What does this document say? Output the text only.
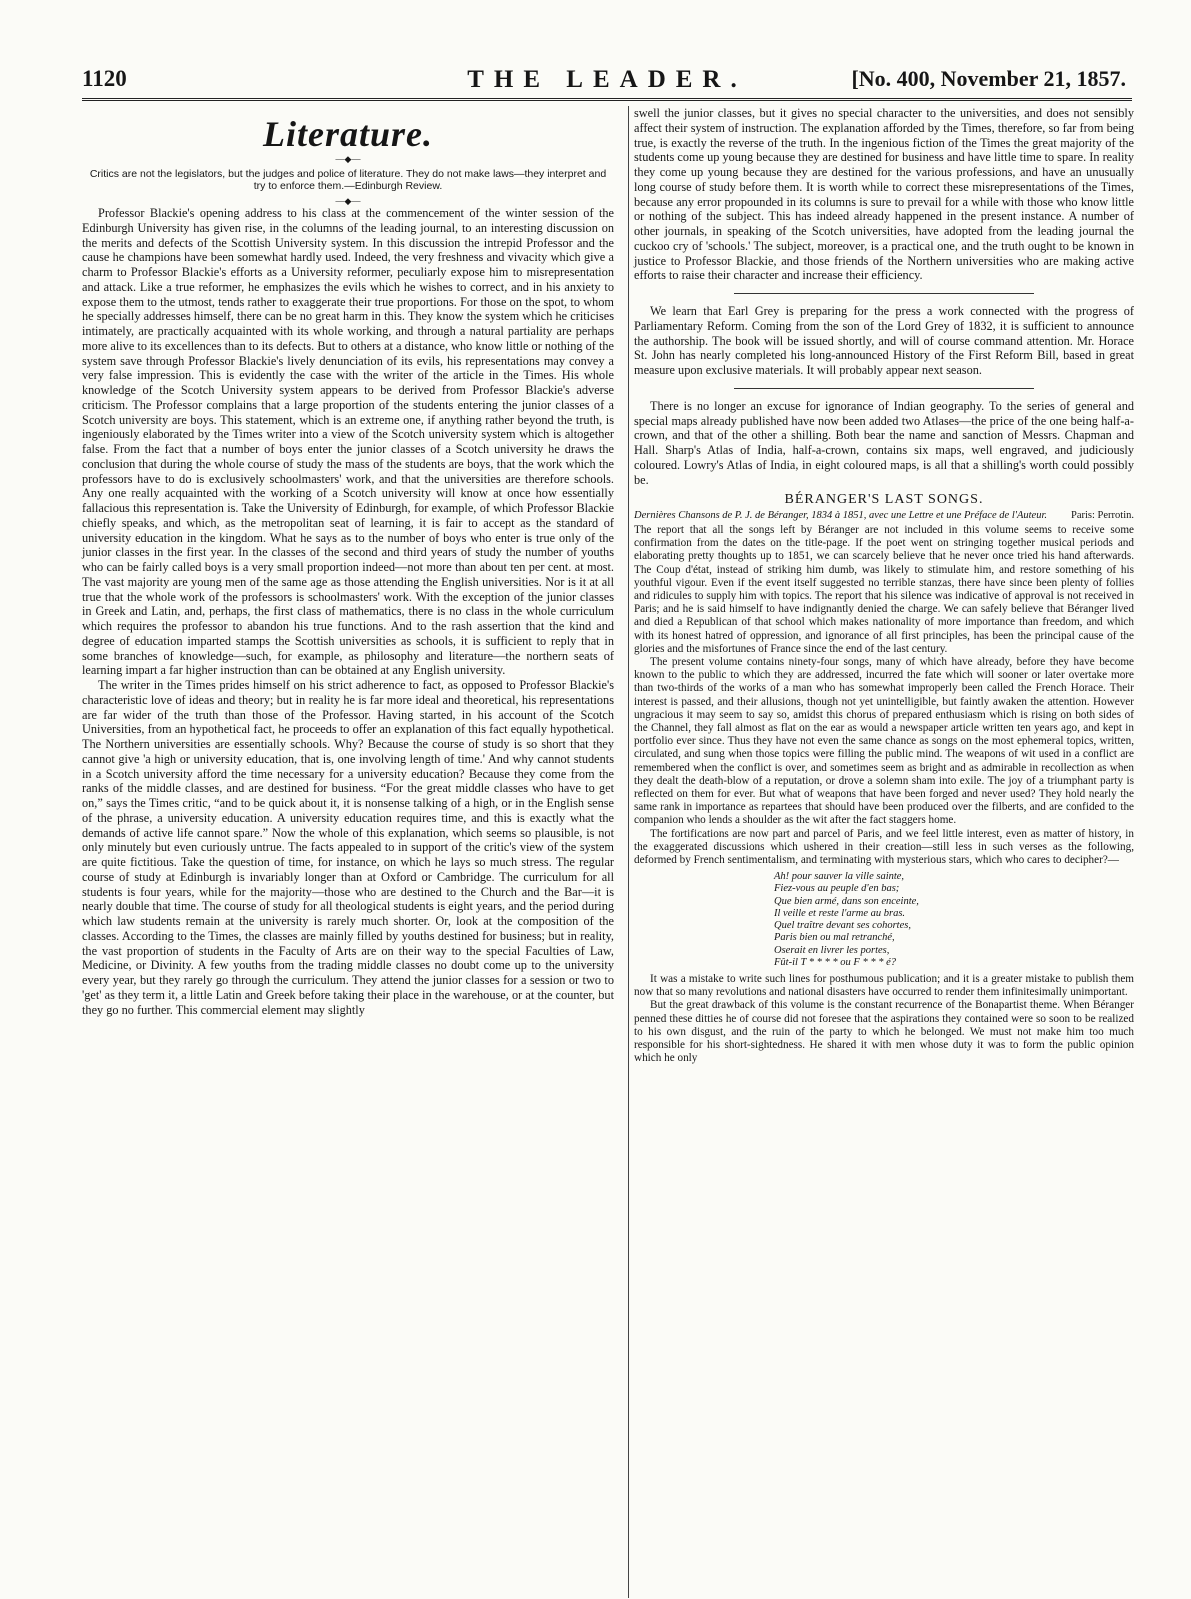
1120	THE LEADER.	[No. 400, November 21, 1857.
Literature.
—◆—
Critics are not the legislators, but the judges and police of literature. They do not make laws—they interpret and try to enforce them.—Edinburgh Review.
—◆—

Professor Blackie's opening address to his class at the commencement of the winter session of the Edinburgh University has given rise, in the columns of the leading journal, to an interesting discussion on the merits and defects of the Scottish University system. In this discussion the intrepid Professor and the cause he champions have been somewhat hardly used. Indeed, the very freshness and vivacity which give a charm to Professor Blackie's efforts as a University reformer, peculiarly expose him to misrepresentation and attack. Like a true reformer, he emphasizes the evils which he wishes to correct, and in his anxiety to expose them to the utmost, tends rather to exaggerate their true proportions. For those on the spot, to whom he specially addresses himself, there can be no great harm in this. They know the system which he criticises intimately, are practically acquainted with its whole working, and through a natural partiality are perhaps more alive to its excellences than to its defects. But to others at a distance, who know little or nothing of the system save through Professor Blackie's lively denunciation of its evils, his representations may convey a very false impression. This is evidently the case with the writer of the article in the Times. His whole knowledge of the Scotch University system appears to be derived from Professor Blackie's adverse criticism. The Professor complains that a large proportion of the students entering the junior classes of a Scotch university are boys. This statement, which is an extreme one, if anything rather beyond the truth, is ingeniously elaborated by the Times writer into a view of the Scotch university system which is altogether false. From the fact that a number of boys enter the junior classes of a Scotch university he draws the conclusion that during the whole course of study the mass of the students are boys, that the work which the professors have to do is exclusively schoolmasters' work, and that the universities are therefore schools. Any one really acquainted with the working of a Scotch university will know at once how essentially fallacious this representation is. Take the University of Edinburgh, for example, of which Professor Blackie chiefly speaks, and which, as the metropolitan seat of learning, it is fair to accept as the standard of university education in the kingdom. What he says as to the number of boys who enter is true only of the junior classes in the first year. In the classes of the second and third years of study the number of youths who can be fairly called boys is a very small proportion indeed—not more than about ten per cent. at most. The vast majority are young men of the same age as those attending the English universities. Nor is it at all true that the whole work of the professors is schoolmasters' work. With the exception of the junior classes in Greek and Latin, and, perhaps, the first class of mathematics, there is no class in the whole curriculum which requires the professor to abandon his true functions. And to the rash assertion that the kind and degree of education imparted stamps the Scottish universities as schools, it is sufficient to reply that in some branches of knowledge—such, for example, as philosophy and literature—the northern seats of learning impart a far higher instruction than can be obtained at any English university.

The writer in the Times prides himself on his strict adherence to fact, as opposed to Professor Blackie's characteristic love of ideas and theory; but in reality he is far more ideal and theoretical, his representations are far wider of the truth than those of the Professor. Having started, in his account of the Scotch Universities, from an hypothetical fact, he proceeds to offer an explanation of this fact equally hypothetical. The Northern universities are essentially schools. Why? Because the course of study is so short that they cannot give 'a high or university education, that is, one involving length of time.' And why cannot students in a Scotch university afford the time necessary for a university education? Because they come from the ranks of the middle classes, and are destined for business. “For the great middle classes who have to get on,” says the Times critic, “and to be quick about it, it is nonsense talking of a high, or in the English sense of the phrase, a university education. A university education requires time, and this is exactly what the demands of active life cannot spare.” Now the whole of this explanation, which seems so plausible, is not only minutely but even curiously untrue. The facts appealed to in support of the critic's view of the system are quite fictitious. Take the question of time, for instance, on which he lays so much stress. The regular course of study at Edinburgh is invariably longer than at Oxford or Cambridge. The curriculum for all students is four years, while for the majority—those who are destined to the Church and the Bar—it is nearly double that time. The course of study for all theological students is eight years, and the period during which law students remain at the university is rarely much shorter. Or, look at the composition of the classes. According to the Times, the classes are mainly filled by youths destined for business; but in reality, the vast proportion of students in the Faculty of Arts are on their way to the special Faculties of Law, Medicine, or Divinity. A few youths from the trading middle classes no doubt come up to the university every year, but they rarely go through the curriculum. They attend the junior classes for a session or two to 'get' as they term it, a little Latin and Greek before taking their place in the warehouse, or at the counter, but they go no further. This commercial element may slightly

swell the junior classes, but it gives no special character to the universities, and does not sensibly affect their system of instruction. The explanation afforded by the Times, therefore, so far from being true, is exactly the reverse of the truth. In the ingenious fiction of the Times the great majority of the students come up young because they are destined for business and have little time to spare. In reality they come up young because they are destined for the various professions, and have an unusually long course of study before them. It is worth while to correct these misrepresentations of the Times, because any error propounded in its columns is sure to prevail for a while with those who know little or nothing of the subject. This has indeed already happened in the present instance. A number of other journals, in speaking of the Scotch universities, have adopted from the leading journal the cuckoo cry of 'schools.' The subject, moreover, is a practical one, and the truth ought to be known in justice to Professor Blackie, and those friends of the Northern universities who are making active efforts to raise their character and increase their efficiency.

We learn that Earl Grey is preparing for the press a work connected with the progress of Parliamentary Reform. Coming from the son of the Lord Grey of 1832, it is sufficient to announce the authorship. The book will be issued shortly, and will of course command attention. Mr. Horace St. John has nearly completed his long-announced History of the First Reform Bill, based in great measure upon exclusive materials. It will probably appear next season.

There is no longer an excuse for ignorance of Indian geography. To the series of general and special maps already published have now been added two Atlases—the price of the one being half-a-crown, and that of the other a shilling. Both bear the name and sanction of Messrs. Chapman and Hall. Sharp's Atlas of India, half-a-crown, contains six maps, well engraved, and judiciously coloured. Lowry's Atlas of India, in eight coloured maps, is all that a shilling's worth could possibly be.

BÉRANGER'S LAST SONGS.
Paris: Perrotin.
Dernières Chansons de P. J. de Béranger, 1834 à 1851, avec une Lettre et une Préface de l'Auteur.

The report that all the songs left by Béranger are not included in this volume seems to receive some confirmation from the dates on the title-page. If the poet went on stringing together musical periods and elaborating pretty thoughts up to 1851, we can scarcely believe that he never once tried his hand afterwards. The Coup d'état, instead of striking him dumb, was likely to stimulate him, and restore something of his youthful vigour. Even if the event itself suggested no terrible stanzas, there have since been plenty of follies and ridicules to supply him with topics. The report that his silence was indicative of approval is not received in Paris; and he is said himself to have indignantly denied the charge. We can safely believe that Béranger lived and died a Republican of that school which makes nationality of more importance than freedom, and which with its honest hatred of oppression, and ignorance of all first principles, has been the principal cause of the glories and the misfortunes of France since the end of the last century.

The present volume contains ninety-four songs, many of which have already, before they have become known to the public to which they are addressed, incurred the fate which will sooner or later overtake more than two-thirds of the works of a man who has somewhat improperly been called the French Horace. Their interest is passed, and their allusions, though not yet unintelligible, but faintly awaken the attention. However ungracious it may seem to say so, amidst this chorus of prepared enthusiasm which is rising on both sides of the Channel, they fall almost as flat on the ear as would a newspaper article written ten years ago, and kept in portfolio ever since. Thus they have not even the same chance as songs on the most ephemeral topics, written, circulated, and sung when those topics were filling the public mind. The weapons of wit used in a conflict are remembered when the conflict is over, and sometimes seem as bright and as admirable in recollection as when they dealt the death-blow of a reputation, or drove a solemn sham into exile. The joy of a triumphant party is reflected on them for ever. But what of weapons that have been forged and never used? They hold nearly the same rank in importance as repartees that should have been produced over the filberts, and are confided to the companion who lends a shoulder as the wit after the fact staggers home.

The fortifications are now part and parcel of Paris, and we feel little interest, even as matter of history, in the exaggerated discussions which ushered in their creation—still less in such verses as the following, deformed by French sentimentalism, and terminating with mysterious stars, which who cares to decipher?—

Ah! pour sauver la ville sainte,
Fiez-vous au peuple d'en bas;
Que bien armé, dans son enceinte,
Il veille et reste l'arme au bras.
Quel traître devant ses cohortes,
Paris bien ou mal retranché,
Oserait en livrer les portes,
Fût-il T * * * * ou F * * * é?

It was a mistake to write such lines for posthumous publication; and it is a greater mistake to publish them now that so many revolutions and national disasters have occurred to render them infinitesimally unimportant.

But the great drawback of this volume is the constant recurrence of the Bonapartist theme. When Béranger penned these ditties he of course did not foresee that the aspirations they contained were so soon to be realized to his own disgust, and the ruin of the party to which he belonged. We must not make him too much responsible for his short-sightedness. He shared it with men whose duty it was to form the public opinion which he only
